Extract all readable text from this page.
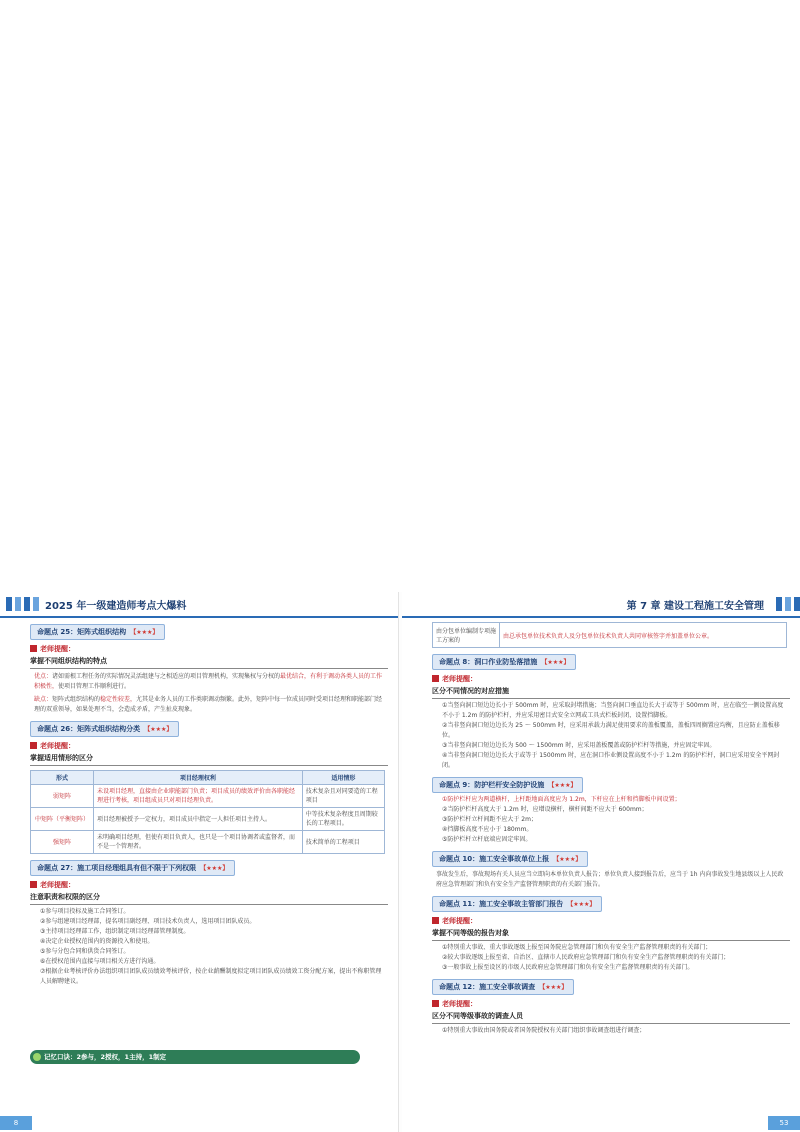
2025 年一级建造师考点大爆料
命题点 25：矩阵式组织结构 【★★★】
老师提醒：
掌握不同组织结构的特点
优点：诸如需根工程任务的实际情况灵活组建与之相适应的项目管理机构，实现集权与分权的最优结合，有利于调动各类人员的工作积极性，使项目管理工作顺利进行。
缺点：矩阵式组织结构的稳定性较差，尤其是业务人员的工作类职调动频繁。此外，矩阵中每一位成员同时受项目经理和职能部门经理的双重领导，如果处理不当，会造成矛盾，产生扯皮现象。
命题点 26：矩阵式组织结构分类 【★★★】
老师提醒：
掌握适用情形的区分
形式	项目经理权利	适用情形
弱矩阵	未设项目经理，直接由企业职能部门负责；项目成员的绩效评价由各职能经理进行考核，项目组成员只对项目经理负责。	技术复杂且对同要造的工程项目
中矩阵（平衡矩阵）	项目经理被授予一定权力，项目成员中指定一人担任项目主持人。	中等技术复杂程度且周期较长的工程项目。
强矩阵	未明确项目经理，但使有项目负责人，也只是一个项目协调者或监督者，而不是一个管理者。	技术简单的工程项目
命题点 27：施工项目经理组具有但不限于下列权限 【★★★】
老师提醒：
注意职责和权限的区分
①参与项目投标及施工合同签订。
②参与组建项目经理部，提名项目副经理、项目技术负责人，选用项目团队成员。
③主持项目经理部工作，组织制定项目经理部管理制度。
④决定企业授权范围内的资源投入和使用。
⑤参与分包合同和供货合同签订。
⑥在授权范围内直接与项目相关方进行沟通。
⑦根据企业考核评价办法组织项目团队成员绩效考核评价，按企业薪酬制度拟定项目团队成员绩效工资分配方案，提出不称职管理人员解聘建议。
记忆口诀：2参与，2授权，1主持，1制定
8
第 7 章 建设工程施工安全管理
由分包单位编制专项施工方案的	由总承包单位技术负责人及分包单位技术负责人共同审核签字并加盖单位公章。
命题点 8：洞口作业防坠落措施 【★★★】
老师提醒：
区分不同情况的对应措施
①当竖向洞口短边边长小于 500mm 时，应采取封堵措施；当竖向洞口垂直边长大于或等于 500mm 时，应在临空一侧设置高度不小于 1.2m 的防护栏杆，并应采用密目式安全立网或工具式栏板封闭，设置挡脚板。
②当非竖向洞口短边边长为 25 ～ 500mm 时，应采用承载力满足使用要求的盖板覆盖，盖板四周搁置应均衡，且应防止盖板移位。
③当非竖向洞口短边边长为 500 ～ 1500mm 时，应采用盖板覆盖或防护栏杆等措施，并应固定牢固。
④当非竖向洞口短边边长大于或等于 1500mm 时，应在洞口作业侧设置高度不小于 1.2m 的防护栏杆，洞口应采用安全平网封闭。
命题点 9：防护栏杆安全防护设施 【★★★】
①防护栏杆应为两道横杆，上杆距地面高度应为 1.2m，下杆应在上杆和挡脚板中间设置；
②当防护栏杆高度大于 1.2m 时，应增设横杆，横杆间距不应大于 600mm；
③防护栏杆立杆间距不应大于 2m；
④挡脚板高度不应小于 180mm。
⑤防护栏杆立杆底端应固定牢固。
命题点 10：施工安全事故单位上报 【★★★】
事故发生后，事故现场有关人员应当立即向本单位负责人报告；单位负责人接到报告后，应当于 1h 内向事故发生地县级以上人民政府应急管理部门和负有安全生产监督管理职责的有关部门报告。
命题点 11：施工安全事故主管部门报告 【★★★】
老师提醒：
掌握不同等级的报告对象
①特别重大事故、重大事故逐级上报至国务院应急管理部门和负有安全生产监督管理职责的有关部门；
②较大事故逐级上报至省、自治区、直辖市人民政府应急管理部门和负有安全生产监督管理职责的有关部门；
③一般事故上报至设区的市级人民政府应急管理部门和负有安全生产监督管理职责的有关部门。
命题点 12：施工安全事故调查 【★★★】
老师提醒：
区分不同等级事故的调查人员
①特别重大事故由国务院或者国务院授权有关部门组织事故调查组进行调查；
53
